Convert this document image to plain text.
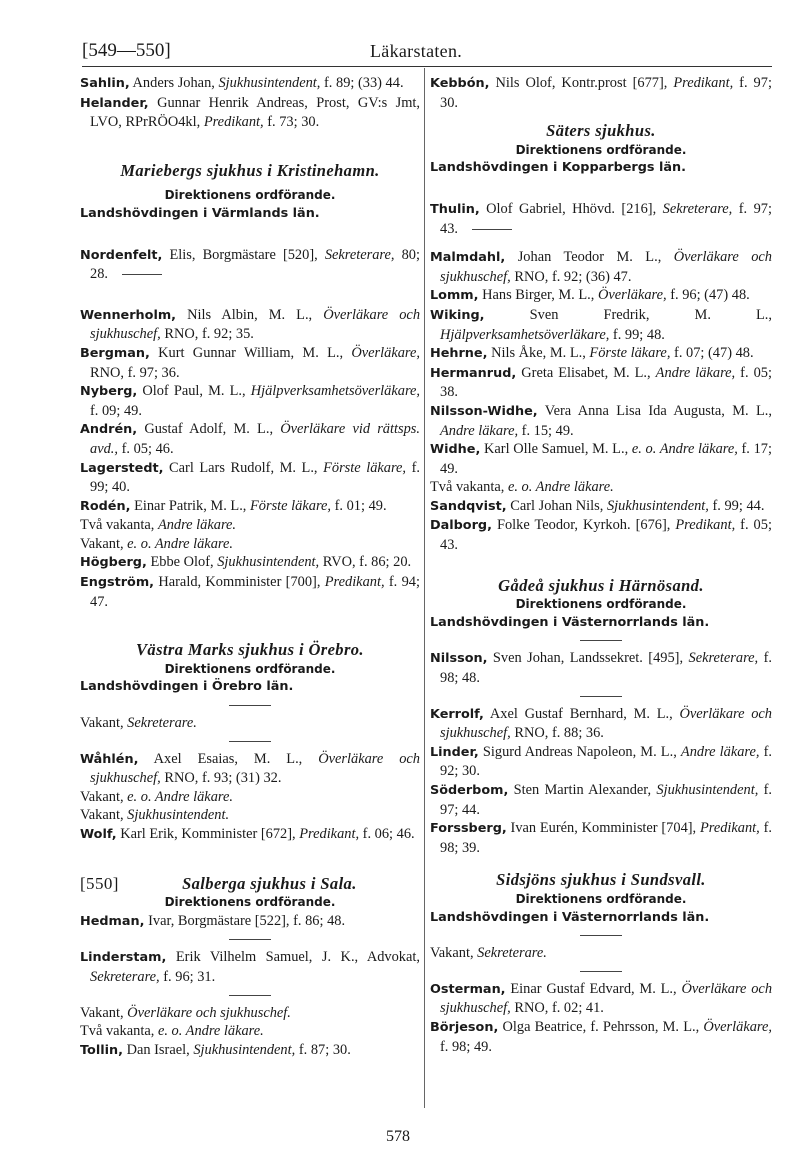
[549—550]	Läkarstaten.

Sahlin, Anders Johan, Sjukhusintendent, f. 89; (33) 44.

Helander, Gunnar Henrik Andreas, Prost, GV:s Jmt, LVO, RPrRÖO4kl, Predikant, f. 73; 30.

Mariebergs sjukhus i Kristinehamn.

Direktionens ordförande.

Landshövdingen i Värmlands län.

Nordenfelt, Elis, Borgmästare [520], Sekreterare, 80; 28.

Wennerholm, Nils Albin, M. L., Överläkare och sjukhuschef, RNO, f. 92; 35.

Bergman, Kurt Gunnar William, M. L., Överläkare, RNO, f. 97; 36.

Nyberg, Olof Paul, M. L., Hjälpverksamhetsöverläkare, f. 09; 49.

Andrén, Gustaf Adolf, M. L., Överläkare vid rättsps. avd., f. 05; 46.

Lagerstedt, Carl Lars Rudolf, M. L., Förste läkare, f. 99; 40.

Rodén, Einar Patrik, M. L., Förste läkare, f. 01; 49.

Två vakanta, Andre läkare.

Vakant, e. o. Andre läkare.

Högberg, Ebbe Olof, Sjukhusintendent, RVO, f. 86; 20.

Engström, Harald, Komminister [700], Predikant, f. 94; 47.

Västra Marks sjukhus i Örebro.

Direktionens ordförande.

Landshövdingen i Örebro län.

Vakant, Sekreterare.

Wåhlén, Axel Esaias, M. L., Överläkare och sjukhuschef, RNO, f. 93; (31) 32.

Vakant, e. o. Andre läkare.

Vakant, Sjukhusintendent.

Wolf, Karl Erik, Komminister [672], Predikant, f. 06; 46.

[550]	Salberga sjukhus i Sala.

Direktionens ordförande.

Hedman, Ivar, Borgmästare [522], f. 86; 48.

Linderstam, Erik Vilhelm Samuel, J. K., Advokat, Sekreterare, f. 96; 31.

Vakant, Överläkare och sjukhuschef.

Två vakanta, e. o. Andre läkare.

Tollin, Dan Israel, Sjukhusintendent, f. 87; 30.

Kebbón, Nils Olof, Kontr.prost [677], Predikant, f. 97; 30.

Säters sjukhus.

Direktionens ordförande.

Landshövdingen i Kopparbergs län.

Thulin, Olof Gabriel, Hhövd. [216], Sekreterare, f. 97; 43.

Malmdahl, Johan Teodor M. L., Överläkare och sjukhuschef, RNO, f. 92; (36) 47.

Lomm, Hans Birger, M. L., Överläkare, f. 96; (47) 48.

Wiking,	Sven Fredrik, M. L., Hjälpverksamhetsöverläkare, f. 99; 48.

Hehrne, Nils Åke, M. L., Förste läkare, f. 07; (47) 48.

Hermanrud, Greta Elisabet, M. L., Andre läkare, f. 05; 38.

Nilsson-Widhe, Vera Anna Lisa Ida Augusta, M. L., Andre läkare, f. 15; 49.

Widhe, Karl Olle Samuel, M. L., e. o. Andre läkare, f. 17; 49.

Två vakanta, e. o. Andre läkare.

Sandqvist, Carl Johan Nils, Sjukhusintendent, f. 99; 44.

Dalborg, Folke Teodor, Kyrkoh. [676], Predikant, f. 05; 43.

Gådeå sjukhus i Härnösand.

Direktionens ordförande.

Landshövdingen i Västernorrlands län.

Nilsson, Sven Johan, Landssekret. [495], Sekreterare, f. 98; 48.

Kerrolf, Axel Gustaf Bernhard, M. L., Överläkare och sjukhuschef, RNO, f. 88; 36.

Linder, Sigurd Andreas Napoleon, M. L., Andre läkare, f. 92; 30.

Söderbom, Sten Martin Alexander, Sjukhusintendent, f. 97; 44.

Forssberg, Ivan Eurén, Komminister [704], Predikant, f. 98; 39.

Sidsjöns sjukhus i Sundsvall.

Direktionens ordförande.

Landshövdingen i Västernorrlands län.

Vakant, Sekreterare.

Osterman, Einar Gustaf Edvard, M. L., Överläkare och sjukhuschef, RNO, f. 02; 41.

Börjeson, Olga Beatrice, f. Pehrsson, M. L., Överläkare, f. 98; 49.

578
